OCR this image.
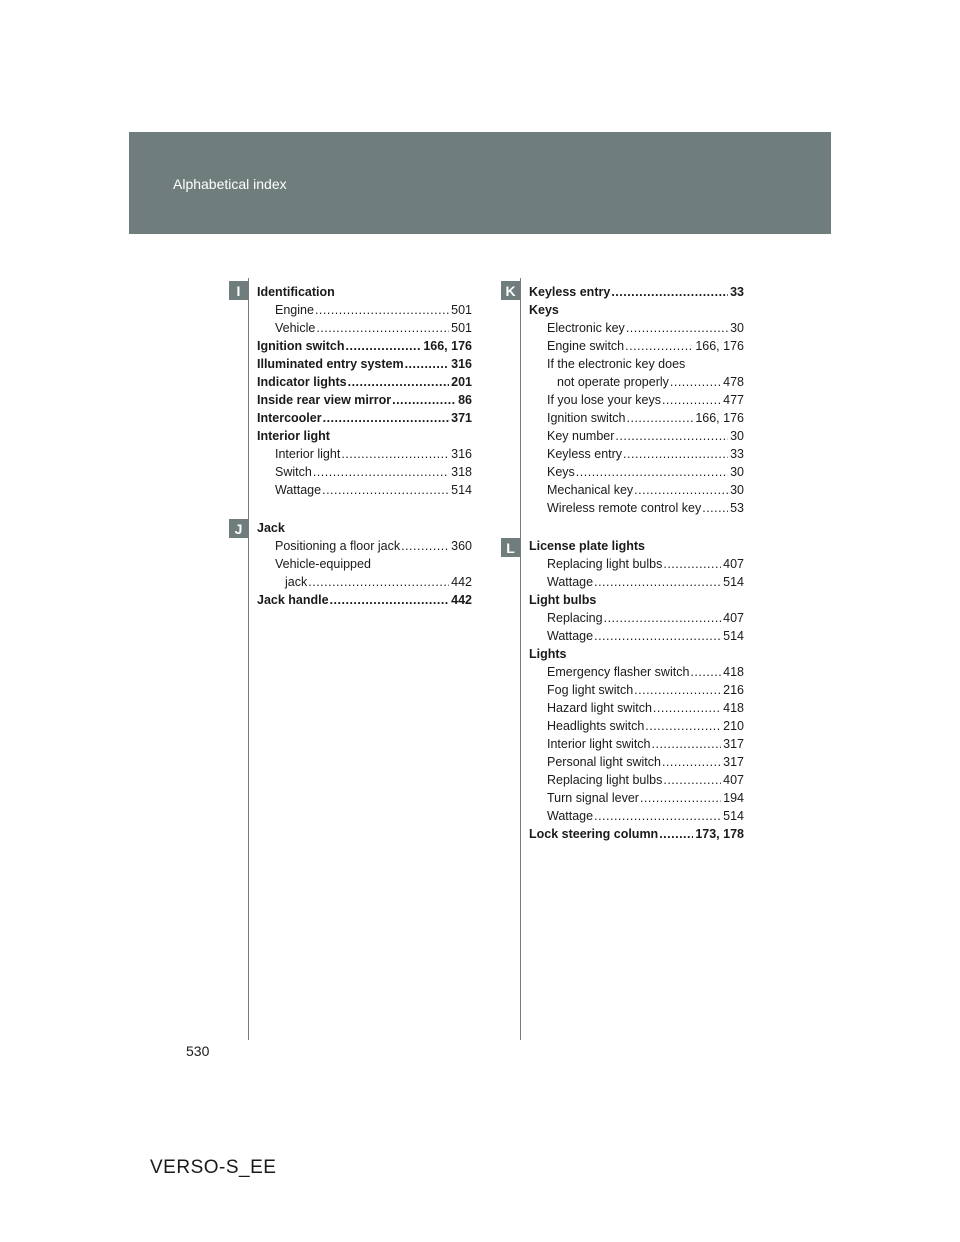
Alphabetical index
I
J
K
L
Identification
Engine .....	501
Vehicle .....	501
Ignition switch .....	166, 176
Illuminated entry system .....	316
Indicator lights .....	201
Inside rear view mirror .....	86
Intercooler .....	371
Interior light
Interior light .....	316
Switch .....	318
Wattage .....	514
Jack
Positioning a floor jack .....	360
Vehicle-equipped
jack .....	442
Jack handle .....	442
Keyless entry .....	33
Keys
Electronic key .....	30
Engine switch .....	166, 176
If the electronic key does
not operate properly .....	478
If you lose your keys .....	477
Ignition switch .....	166, 176
Key number .....	30
Keyless entry .....	33
Keys .....	30
Mechanical key .....	30
Wireless remote control key ..... 53
License plate lights
Replacing light bulbs .....	407
Wattage .....	514
Light bulbs
Replacing .....	407
Wattage .....	514
Lights
Emergency flasher switch .....	418
Fog light switch .....	216
Hazard light switch .....	418
Headlights switch .....	210
Interior light switch .....	317
Personal light switch .....	317
Replacing light bulbs .....	407
Turn signal lever .....	194
Wattage .....	514
Lock steering column .....	173, 178
530
VERSO-S_EE
